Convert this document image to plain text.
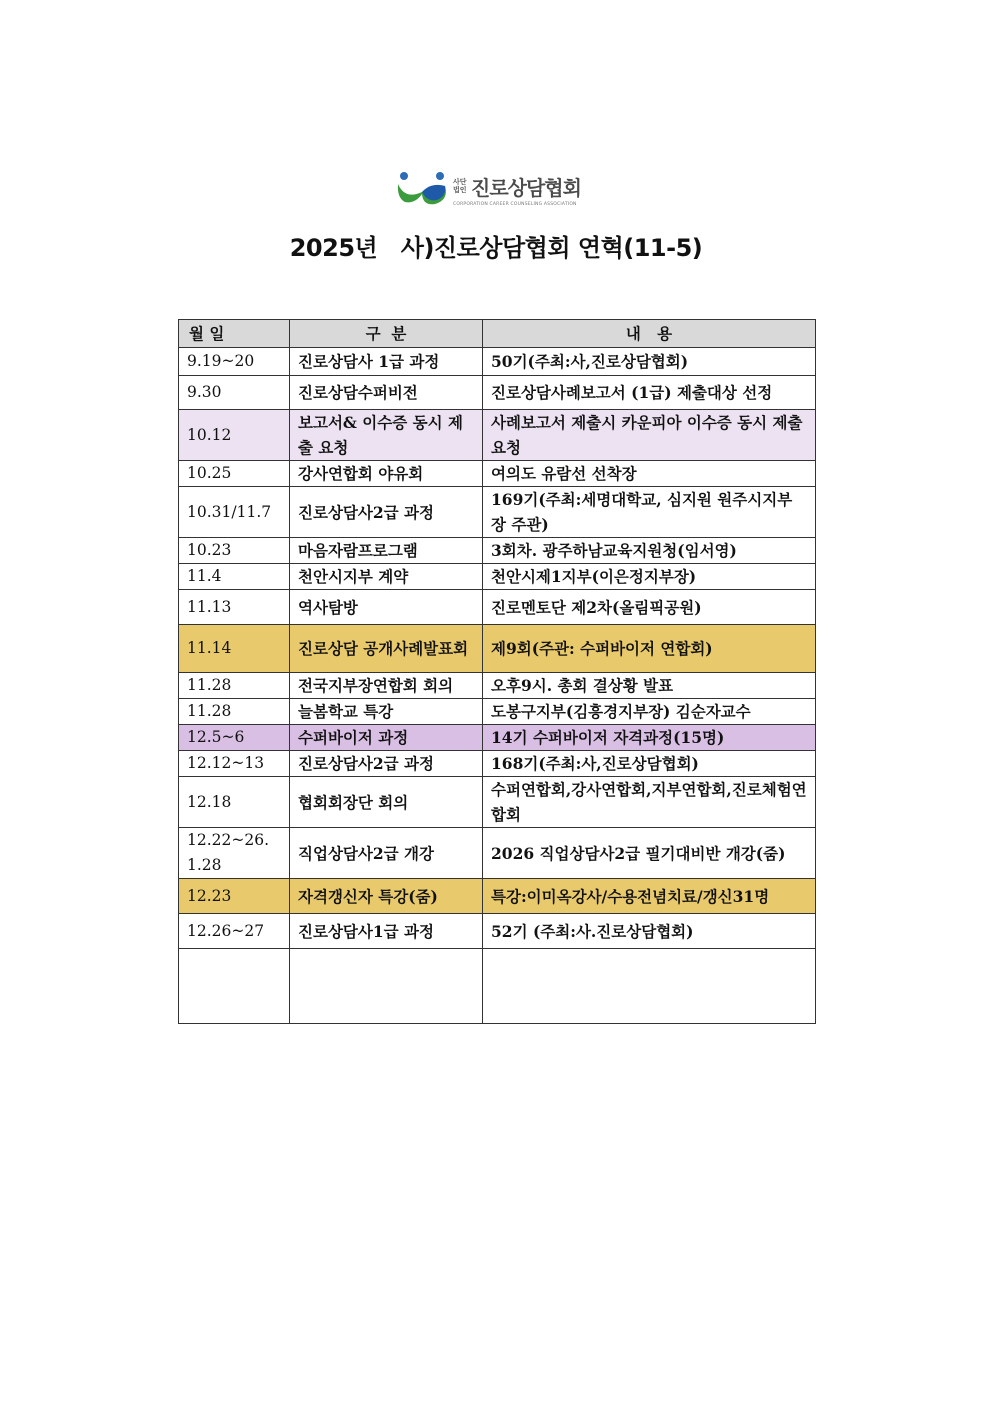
사단
법인 진로상담협회
CORPORATION CAREER COUNSELING ASSOCIATION
2025년   사)진로상담협회 연혁(11-5)
월 일	구  분	내   용
9.19~20	진로상담사 1급 과정	50기(주최:사,진로상담협회)
9.30	진로상담수퍼비전	진로상담사례보고서 (1급) 제출대상 선정
10.12	보고서& 이수증 동시 제출 요청	사례보고서 제출시 카운피아 이수증 동시 제출 요청
10.25	강사연합회 야유회	여의도 유람선 선착장
10.31/11.7	진로상담사2급 과정	169기(주최:세명대학교, 심지원 원주시지부장 주관)
10.23	마음자람프로그램	3회차. 광주하남교육지원청(임서영)
11.4	천안시지부 계약	천안시제1지부(이은정지부장)
11.13	역사탐방	진로멘토단 제2차(올림픽공원)
11.14	진로상담 공개사례발표회	제9회(주관: 수퍼바이저 연합회)
11.28	전국지부장연합회 회의	오후9시. 총회 결상황 발표
11.28	늘봄학교 특강	도봉구지부(김흥경지부장) 김순자교수
12.5~6	수퍼바이저 과정	14기 수퍼바이저 자격과정(15명)
12.12~13	진로상담사2급 과정	168기(주최:사,진로상담협회)
12.18	협회회장단 회의	수퍼연합회,강사연합회,지부연합회,진로체험연합회
12.22~26.1.28	직업상담사2급 개강	2026 직업상담사2급 필기대비반 개강(줌)
12.23	자격갱신자 특강(줌)	특강:이미옥강사/수용전념치료/갱신31명
12.26~27	진로상담사1급 과정	52기 (주최:사.진로상담협회)
